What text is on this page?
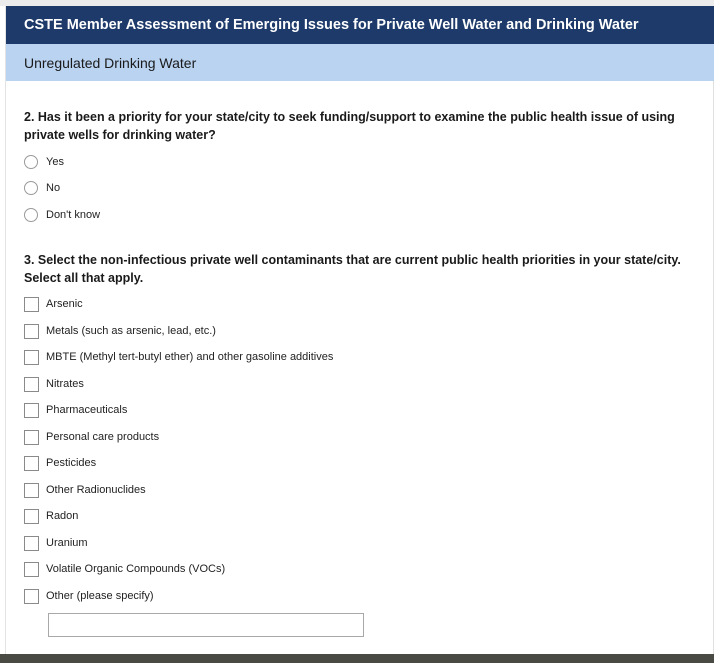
CSTE Member Assessment of Emerging Issues for Private Well Water and Drinking Water
Unregulated Drinking Water
2. Has it been a priority for your state/city to seek funding/support to examine the public health issue of using private wells for drinking water?
Yes
No
Don't know
3. Select the non-infectious private well contaminants that are current public health priorities in your state/city. Select all that apply.
Arsenic
Metals (such as arsenic, lead, etc.)
MBTE (Methyl tert-butyl ether) and other gasoline additives
Nitrates
Pharmaceuticals
Personal care products
Pesticides
Other Radionuclides
Radon
Uranium
Volatile Organic Compounds (VOCs)
Other (please specify)
